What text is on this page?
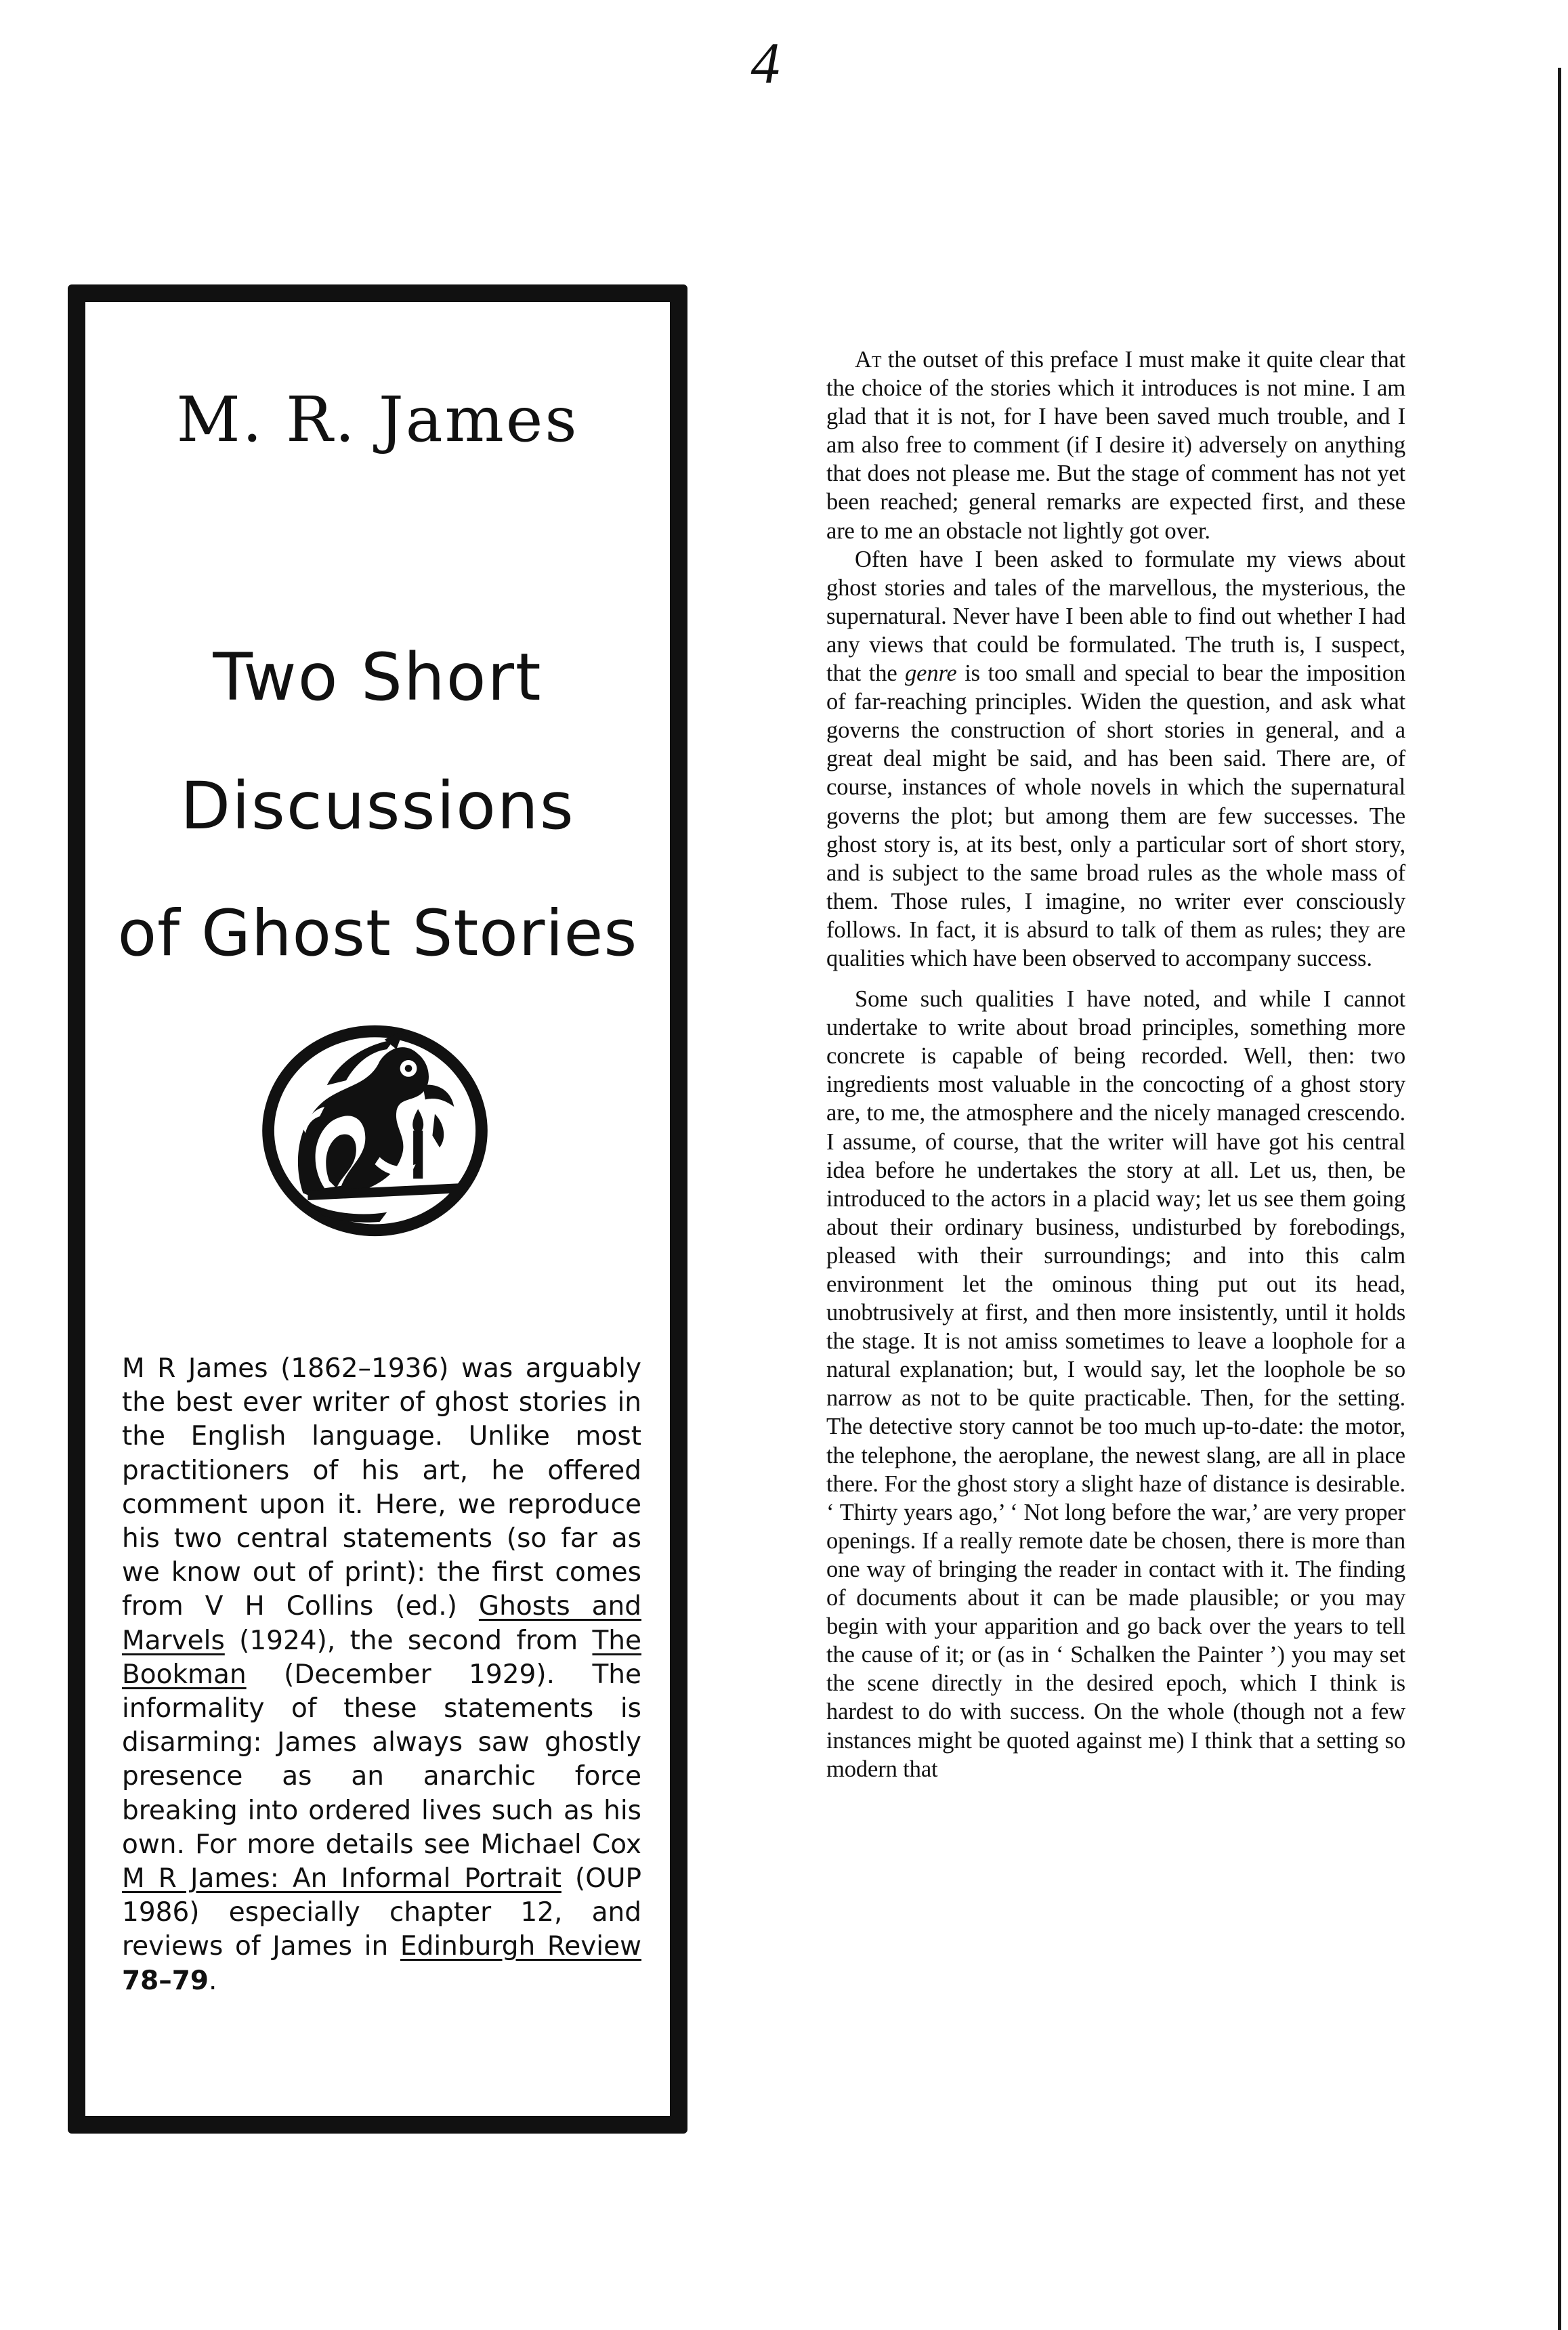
4
M. R. James
Two Short
Discussions
of Ghost Stories

M R James (1862–1936) was arguably the best ever writer of ghost stories in the English language. Unlike most practitioners of his art, he offered comment upon it. Here, we reproduce his two central statements (so far as we know out of print): the first comes from V H Collins (ed.) Ghosts and Marvels (1924), the second from The Bookman (December 1929). The informality of these statements is disarming: James always saw ghostly presence as an anarchic force breaking into ordered lives such as his own. For more details see Michael Cox M R James: An Informal Portrait (OUP 1986) especially chapter 12, and reviews of James in Edinburgh Review 78–79.

At the outset of this preface I must make it quite clear that the choice of the stories which it introduces is not mine. I am glad that it is not, for I have been saved much trouble, and I am also free to comment (if I desire it) adversely on anything that does not please me. But the stage of comment has not yet been reached; general remarks are expected first, and these are to me an obstacle not lightly got over.

Often have I been asked to formulate my views about ghost stories and tales of the marvellous, the mysterious, the supernatural. Never have I been able to find out whether I had any views that could be formulated. The truth is, I suspect, that the genre is too small and special to bear the imposition of far-reaching principles. Widen the question, and ask what governs the construction of short stories in general, and a great deal might be said, and has been said. There are, of course, instances of whole novels in which the supernatural governs the plot; but among them are few successes. The ghost story is, at its best, only a particular sort of short story, and is subject to the same broad rules as the whole mass of them. Those rules, I imagine, no writer ever consciously follows. In fact, it is absurd to talk of them as rules; they are qualities which have been observed to accompany success.

Some such qualities I have noted, and while I cannot undertake to write about broad principles, something more concrete is capable of being recorded. Well, then: two ingredients most valuable in the concocting of a ghost story are, to me, the atmosphere and the nicely managed crescendo. I assume, of course, that the writer will have got his central idea before he undertakes the story at all. Let us, then, be introduced to the actors in a placid way; let us see them going about their ordinary business, undisturbed by forebodings, pleased with their surroundings; and into this calm environment let the ominous thing put out its head, unobtrusively at first, and then more insistently, until it holds the stage. It is not amiss sometimes to leave a loophole for a natural explanation; but, I would say, let the loophole be so narrow as not to be quite practicable. Then, for the setting. The detective story cannot be too much up-to-date: the motor, the telephone, the aeroplane, the newest slang, are all in place there. For the ghost story a slight haze of distance is desirable. ‘ Thirty years ago,’ ‘ Not long before the war,’ are very proper openings. If a really remote date be chosen, there is more than one way of bringing the reader in contact with it. The finding of documents about it can be made plausible; or you may begin with your apparition and go back over the years to tell the cause of it; or (as in ‘ Schalken the Painter ’) you may set the scene directly in the desired epoch, which I think is hardest to do with success. On the whole (though not a few instances might be quoted against me) I think that a setting so modern that
